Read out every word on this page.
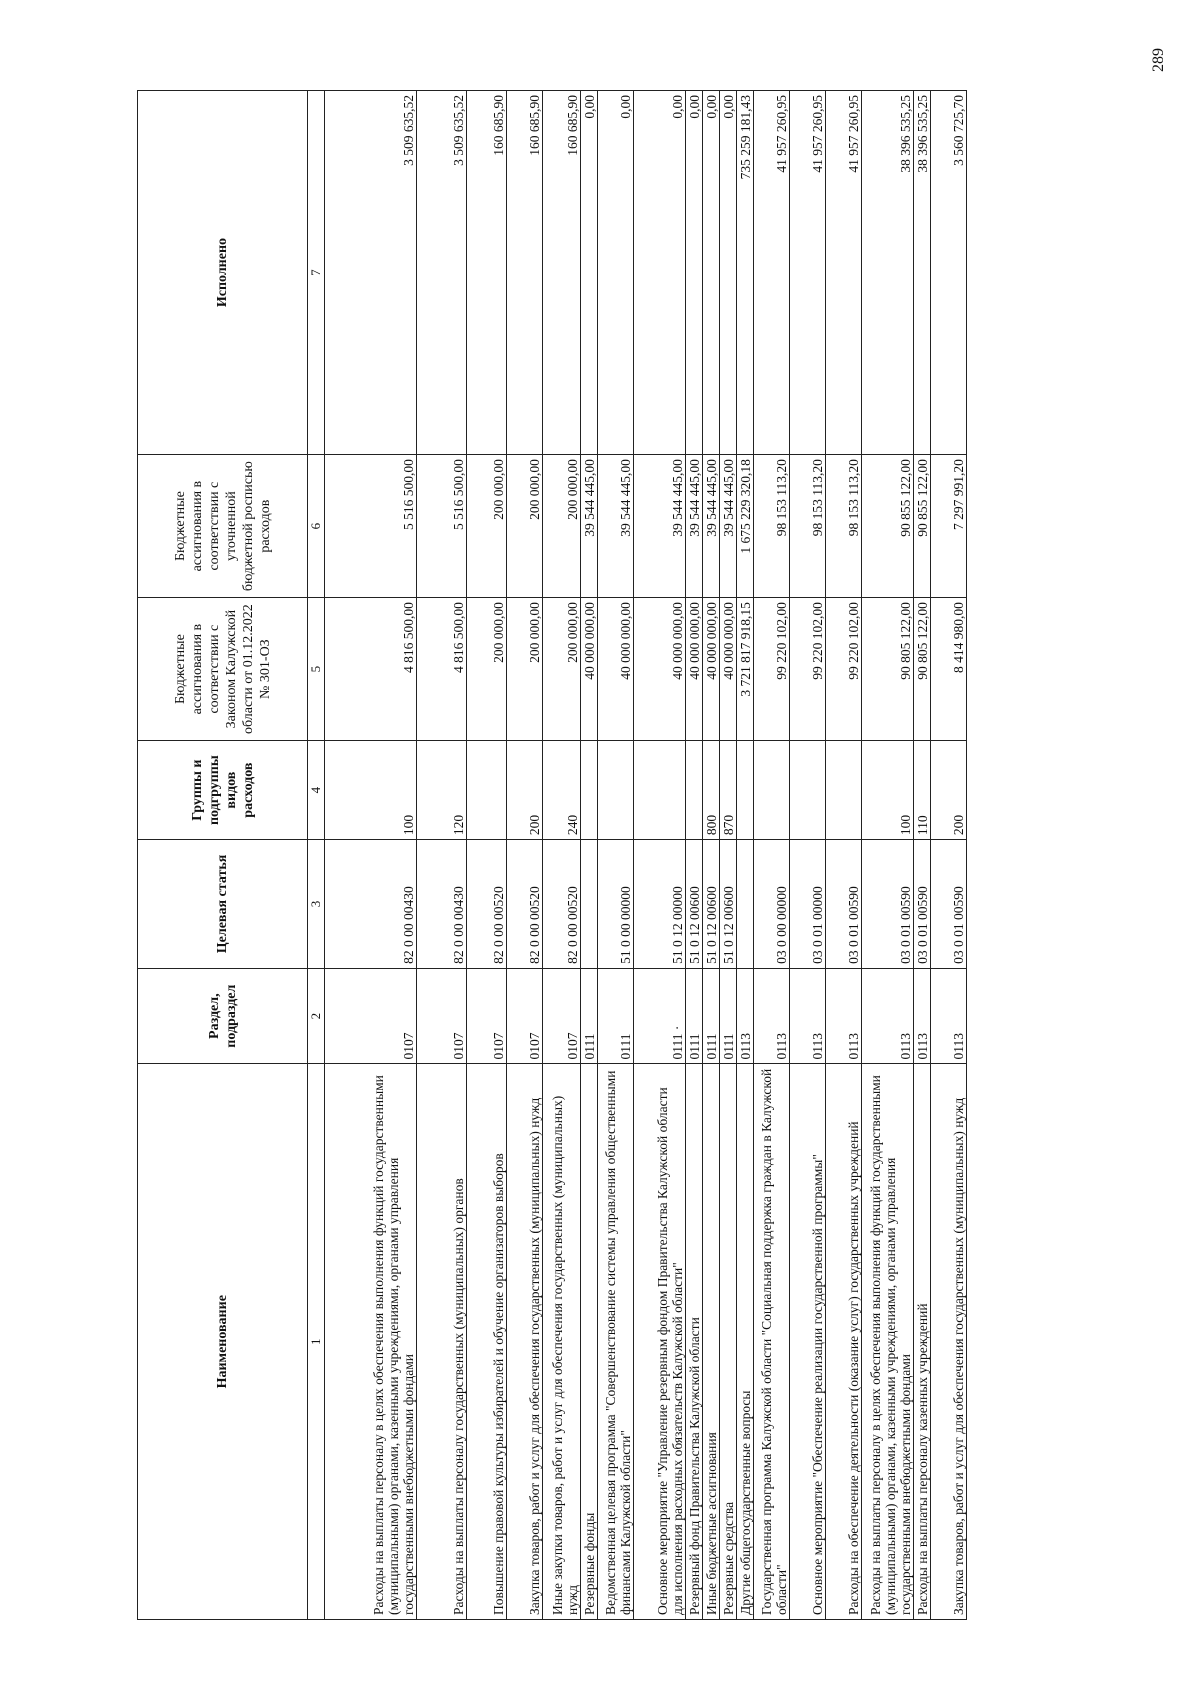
289
Наименование	Раздел, подраздел	Целевая статья	Группы и подгруппы видов расходов	Бюджетные ассигнования в соответствии с Законом Калужской области от 01.12.2022 № 301-ОЗ	Бюджетные ассигнования в соответствии с уточненной бюджетной росписью расходов	Исполнено
1	2	3	4	5	6	7
Расходы на выплаты персоналу в целях обеспечения выполнения функций государственными (муниципальными) органами, казенными учреждениями, органами управления государственными внебюджетными фондами	0107	82 0 00 00430	100	4 816 500,00	5 516 500,00	3 509 635,52
Расходы на выплаты персоналу государственных (муниципальных) органов	0107	82 0 00 00430	120	4 816 500,00	5 516 500,00	3 509 635,52
Повышение правовой культуры избирателей и обучение организаторов выборов	0107	82 0 00 00520		200 000,00	200 000,00	160 685,90
Закупка товаров, работ и услуг для обеспечения государственных (муниципальных) нужд	0107	82 0 00 00520	200	200 000,00	200 000,00	160 685,90
Иные закупки товаров, работ и услуг для обеспечения государственных (муниципальных) нужд	0107	82 0 00 00520	240	200 000,00	200 000,00	160 685,90
Резервные фонды	0111			40 000 000,00	39 544 445,00	0,00
Ведомственная целевая программа "Совершенствование системы управления общественными финансами Калужской области"	0111	51 0 00 00000		40 000 000,00	39 544 445,00	0,00
Основное мероприятие "Управление резервным фондом Правительства Калужской области для исполнения расходных обязательств Калужской области"	0111 ·	51 0 12 00000		40 000 000,00	39 544 445,00	0,00
Резервный фонд Правительства Калужской области	0111	51 0 12 00600		40 000 000,00	39 544 445,00	0,00
Иные бюджетные ассигнования	0111	51 0 12 00600	800	40 000 000,00	39 544 445,00	0,00
Резервные средства	0111	51 0 12 00600	870	40 000 000,00	39 544 445,00	0,00
Другие общегосударственные вопросы	0113			3 721 817 918,15	1 675 229 320,18	735 259 181,43
Государственная программа Калужской области "Социальная поддержка граждан в Калужской области"	0113	03 0 00 00000		99 220 102,00	98 153 113,20	41 957 260,95
Основное мероприятие "Обеспечение реализации государственной программы"	0113	03 0 01 00000		99 220 102,00	98 153 113,20	41 957 260,95
Расходы на обеспечение деятельности (оказание услуг) государственных учреждений	0113	03 0 01 00590		99 220 102,00	98 153 113,20	41 957 260,95
Расходы на выплаты персоналу в целях обеспечения выполнения функций государственными (муниципальными) органами, казенными учреждениями, органами управления государственными внебюджетными фондами	0113	03 0 01 00590	100	90 805 122,00	90 855 122,00	38 396 535,25
Расходы на выплаты персоналу казенных учреждений	0113	03 0 01 00590	110	90 805 122,00	90 855 122,00	38 396 535,25
Закупка товаров, работ и услуг для обеспечения государственных (муниципальных) нужд	0113	03 0 01 00590	200	8 414 980,00	7 297 991,20	3 560 725,70
